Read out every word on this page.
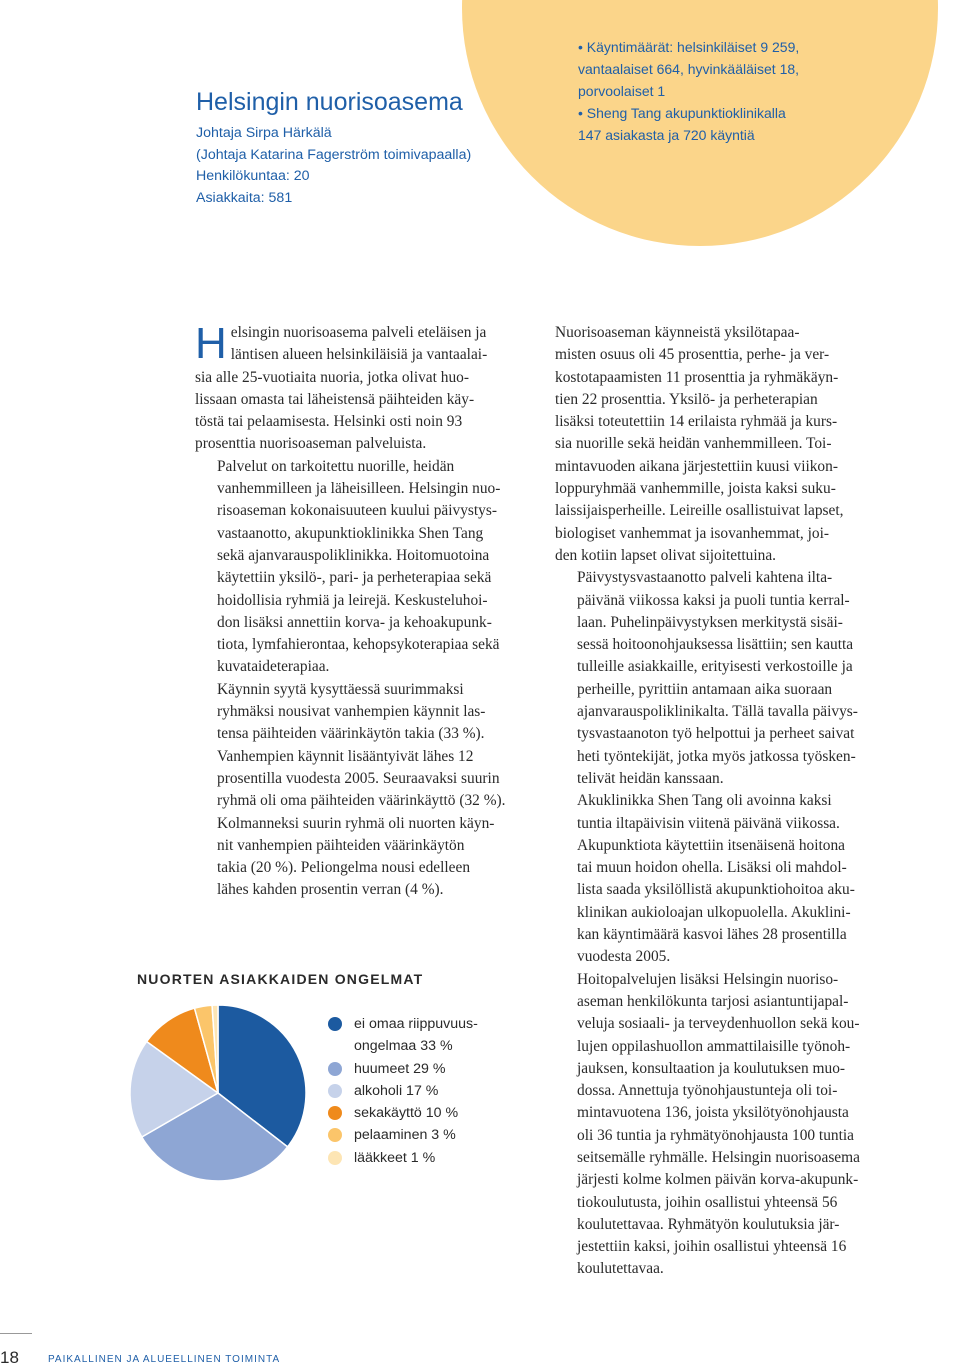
Helsingin nuorisoasema
Johtaja Sirpa Härkälä
(Johtaja Katarina Fagerström toimivapaalla)
Henkilökuntaa: 20
Asiakkaita: 581
• Käyntimäärät: helsinkiläiset 9 259,
vantaalaiset 664, hyvinkääläiset 18,
porvoolaiset 1
• Sheng Tang akupunktioklinikalla
147 asiakasta ja 720 käyntiä

H elsingin nuorisoasema palveli eteläisen ja
läntisen alueen helsinkiläisiä ja vantaalai-
sia alle 25-vuotiaita nuoria, jotka olivat huo-
lissaan omasta tai läheistensä päihteiden käy-
töstä tai pelaamisesta. Helsinki osti noin 93
prosenttia nuorisoaseman palveluista.

Palvelut on tarkoitettu nuorille, heidän
vanhemmilleen ja läheisilleen. Helsingin nuo-
risoaseman kokonaisuuteen kuului päivystys-
vastaanotto, akupunktioklinikka Shen Tang
sekä ajanvarauspoliklinikka. Hoitomuotoina
käytettiin yksilö-, pari- ja perheterapiaa sekä
hoidollisia ryhmiä ja leirejä. Keskusteluhoi-
don lisäksi annettiin korva- ja kehoakupunk-
tiota, lymfahierontaa, kehopsykoterapiaa sekä
kuvataideterapiaa.

Käynnin syytä kysyttäessä suurimmaksi
ryhmäksi nousivat vanhempien käynnit las-
tensa päihteiden väärinkäytön takia (33 %).
Vanhempien käynnit lisääntyivät lähes 12
prosentilla vuodesta 2005. Seuraavaksi suurin
ryhmä oli oma päihteiden väärinkäyttö (32 %).
Kolmanneksi suurin ryhmä oli nuorten käyn-
nit vanhempien päihteiden väärinkäytön
takia (20 %). Peliongelma nousi edelleen
lähes kahden prosentin verran (4 %).

Nuorisoaseman käynneistä yksilötapaa-
misten osuus oli 45 prosenttia, perhe- ja ver-
kostotapaamisten 11 prosenttia ja ryhmäkäyn-
tien 22 prosenttia. Yksilö- ja perheterapian
lisäksi toteutettiin 14 erilaista ryhmää ja kurs-
sia nuorille sekä heidän vanhemmilleen. Toi-
mintavuoden aikana järjestettiin kuusi viikon-
loppuryhmää vanhemmille, joista kaksi suku-
laissijaisperheille. Leireille osallistuivat lapset,
biologiset vanhemmat ja isovanhemmat, joi-
den kotiin lapset olivat sijoitettuina.

Päivystysvastaanotto palveli kahtena ilta-
päivänä viikossa kaksi ja puoli tuntia kerral-
laan. Puhelinpäivystyksen merkitystä sisäi-
sessä hoitoonohjauksessa lisättiin; sen kautta
tulleille asiakkaille, erityisesti verkostoille ja
perheille, pyrittiin antamaan aika suoraan
ajanvarauspoliklinikalta. Tällä tavalla päivys-
tysvastaanoton työ helpottui ja perheet saivat
heti työntekijät, jotka myös jatkossa työsken-
telivät heidän kanssaan.

Akuklinikka Shen Tang oli avoinna kaksi
tuntia iltapäivisin viitenä päivänä viikossa.
Akupunktiota käytettiin itsenäisenä hoitona
tai muun hoidon ohella. Lisäksi oli mahdol-
lista saada yksilöllistä akupunktiohoitoa aku-
klinikan aukioloajan ulkopuolella. Akuklini-
kan käyntimäärä kasvoi lähes 28 prosentilla
vuodesta 2005.

Hoitopalvelujen lisäksi Helsingin nuoriso-
aseman henkilökunta tarjosi asiantuntijapal-
veluja sosiaali- ja terveydenhuollon sekä kou-
lujen oppilashuollon ammattilaisille työnoh-
jauksen, konsultaation ja koulutuksen muo-
dossa. Annettuja työnohjaustunteja oli toi-
mintavuotena 136, joista yksilötyönohjausta
oli 36 tuntia ja ryhmätyönohjausta 100 tuntia
seitsemälle ryhmälle. Helsingin nuorisoasema
järjesti kolme kolmen päivän korva-akupunk-
tiokoulutusta, joihin osallistui yhteensä 56
koulutettavaa. Ryhmätyön koulutuksia jär-
jestettiin kaksi, joihin osallistui yhteensä 16
koulutettavaa.

NUORTEN ASIAKKAIDEN ONGELMAT
ei omaa riippuvuus-
ongelmaa 33 %
huumeet 29 %
alkoholi 17 %
sekakäyttö 10 %
pelaaminen 3 %
lääkkeet 1 %
18	PAIKALLINEN JA ALUEELLINEN TOIMINTA
